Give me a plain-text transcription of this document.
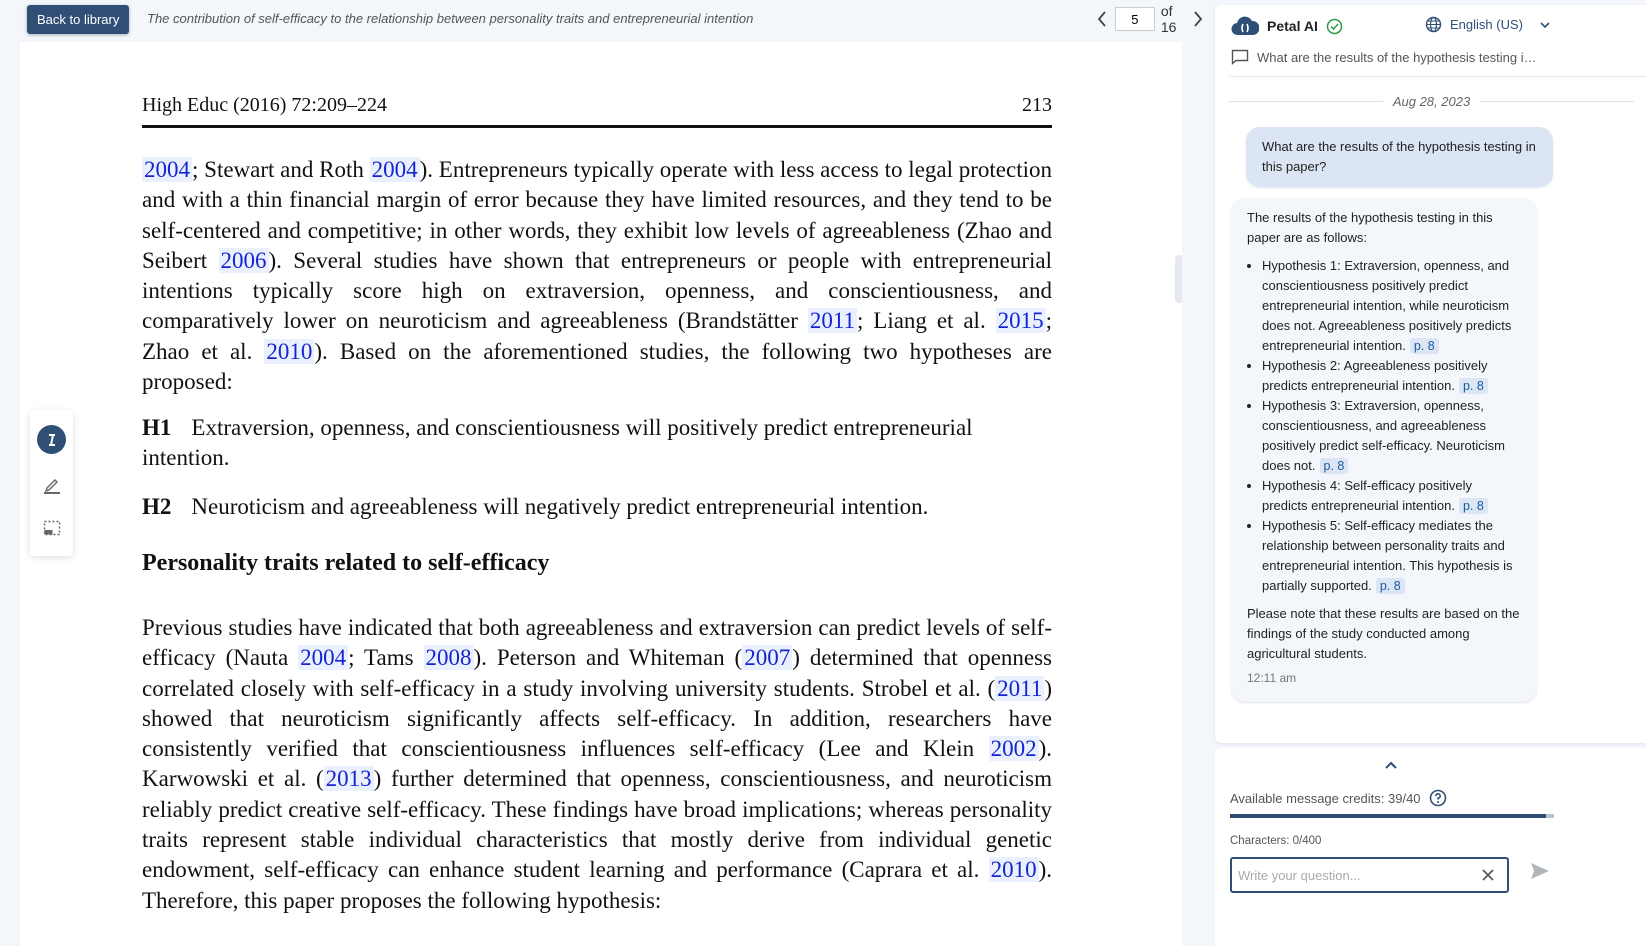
Back to library	The contribution of self-efficacy to the relationship between personality traits and entrepreneurial intention
5	of 16
High Educ (2016) 72:209–224	213

2004; Stewart and Roth 2004). Entrepreneurs typically operate with less access to legal protection and with a thin financial margin of error because they have limited resources, and they tend to be self-centered and competitive; in other words, they exhibit low levels of agreeableness (Zhao and Seibert 2006). Several studies have shown that entrepreneurs or people with entrepreneurial intentions typically score high on extraversion, openness, and conscientiousness, and comparatively lower on neuroticism and agreeableness (Brandstätter 2011; Liang et al. 2015; Zhao et al. 2010). Based on the aforementioned studies, the following two hypotheses are proposed:

H1 Extraversion, openness, and conscientiousness will positively predict entrepreneurial intention.
H2 Neuroticism and agreeableness will negatively predict entrepreneurial intention.
Personality traits related to self-efficacy

Previous studies have indicated that both agreeableness and extraversion can predict levels of self-efficacy (Nauta 2004; Tams 2008). Peterson and Whiteman (2007) determined that openness correlated closely with self-efficacy in a study involving university students. Strobel et al. (2011) showed that neuroticism significantly affects self-efficacy. In addition, researchers have consistently verified that conscientiousness influences self-efficacy (Lee and Klein 2002). Karwowski et al. (2013) further determined that openness, conscientiousness, and neuroticism reliably predict creative self-efficacy. These findings have broad implications; whereas personality traits represent stable individual characteristics that mostly derive from individual genetic endowment, self-efficacy can enhance student learning and performance (Caprara et al. 2010). Therefore, this paper proposes the following hypothesis:

Petal AI	English (US)
What are the results of the hypothesis testing i…
Aug 28, 2023
What are the results of the hypothesis testing in this paper?
The results of the hypothesis testing in this paper are as follows:
• Hypothesis 1: Extraversion, openness, and conscientiousness positively predict entrepreneurial intention, while neuroticism does not. Agreeableness positively predicts entrepreneurial intention. p. 8
• Hypothesis 2: Agreeableness positively predicts entrepreneurial intention. p. 8
• Hypothesis 3: Extraversion, openness, conscientiousness, and agreeableness positively predict self-efficacy. Neuroticism does not. p. 8
• Hypothesis 4: Self-efficacy positively predicts entrepreneurial intention. p. 8
• Hypothesis 5: Self-efficacy mediates the relationship between personality traits and entrepreneurial intention. This hypothesis is partially supported. p. 8
Please note that these results are based on the findings of the study conducted among agricultural students.
12:11 am
Available message credits: 39/40
Characters: 0/400
Write your question...
